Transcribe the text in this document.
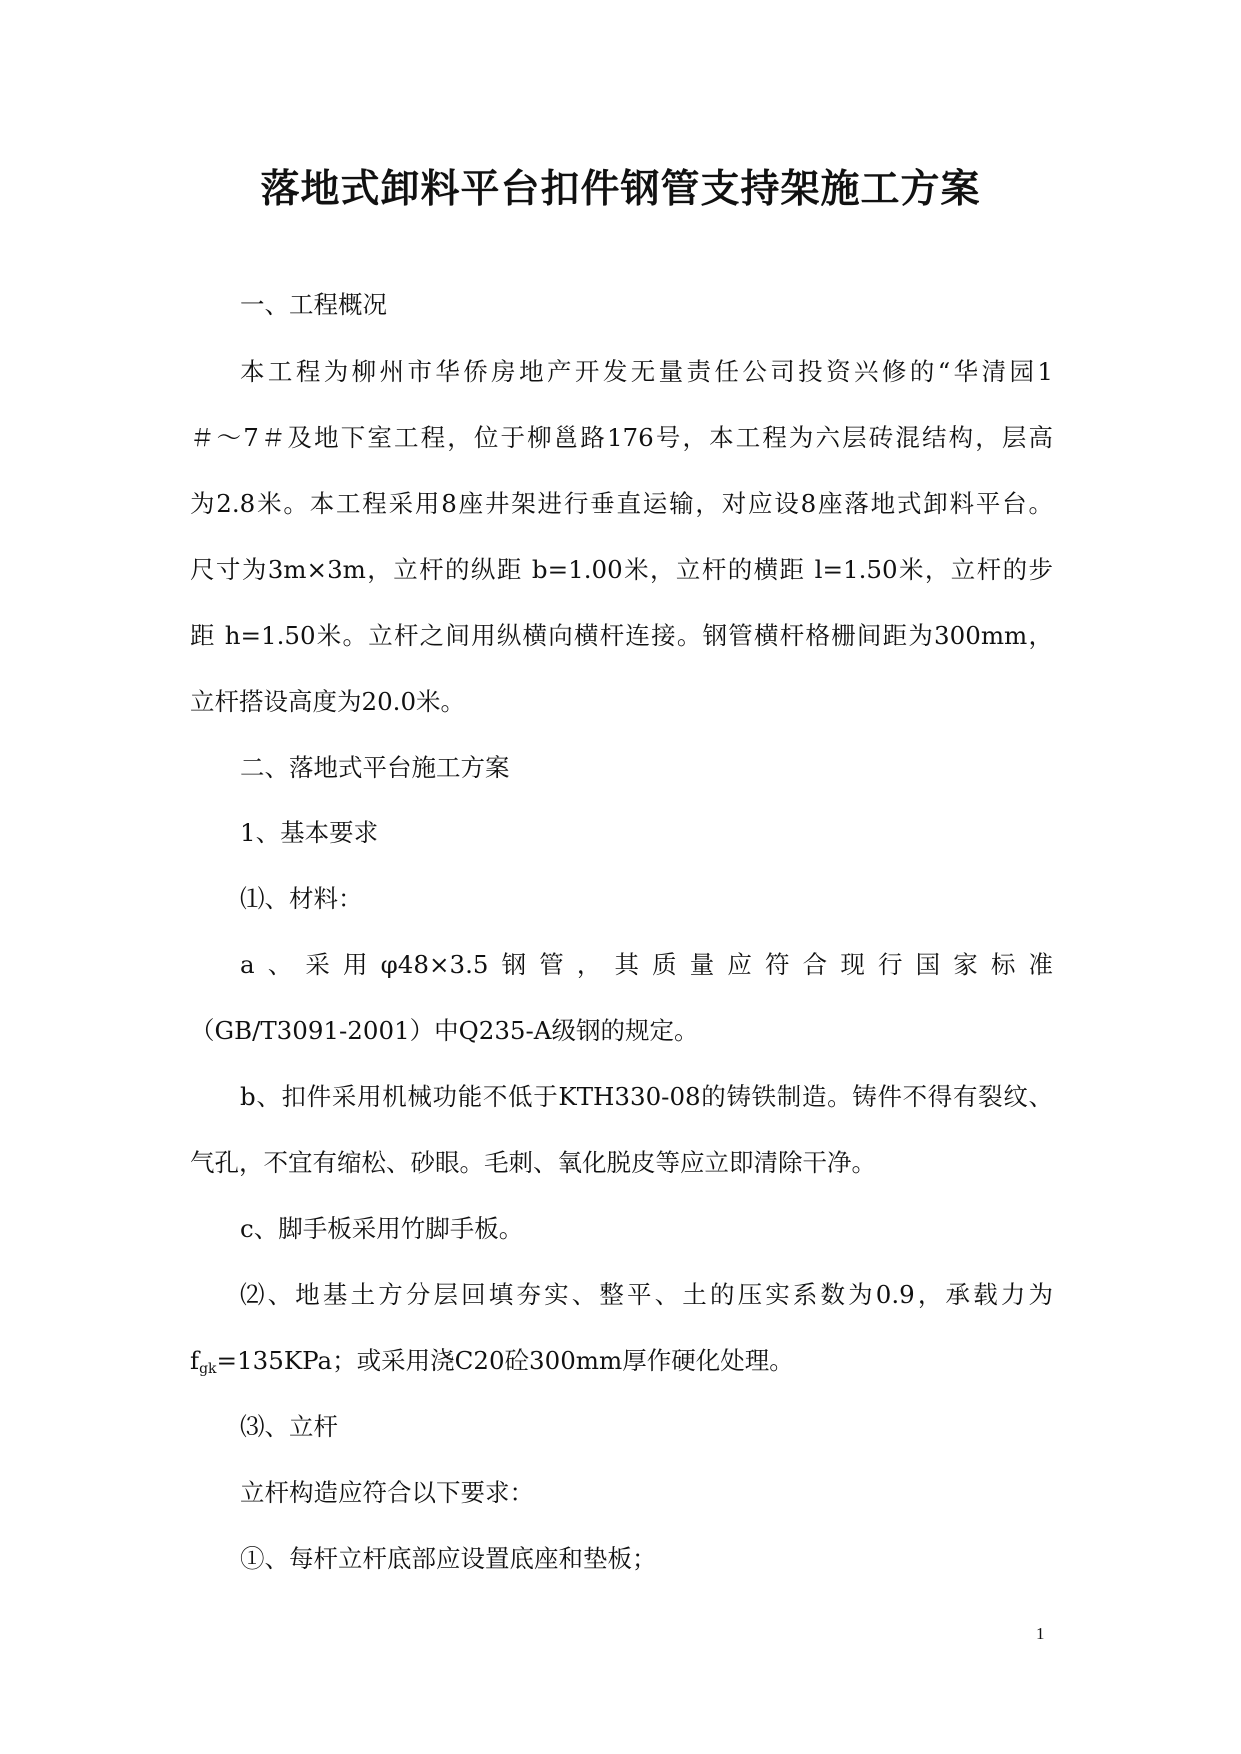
落地式卸料平台扣件钢管支持架施工方案
一、工程概况
本工程为柳州市华侨房地产开发无量责任公司投资兴修的“华清园1
＃～7＃及地下室工程，位于柳邕路176号，本工程为六层砖混结构，层高
为2.8米。本工程采用8座井架进行垂直运输，对应设8座落地式卸料平台。
尺寸为3m×3m，立杆的纵距 b=1.00米，立杆的横距 l=1.50米，立杆的步
距 h=1.50米。立杆之间用纵横向横杆连接。钢管横杆格栅间距为300mm，
立杆搭设高度为20.0米。
二、落地式平台施工方案
1、基本要求
⑴、材料：
a、采用φ48×3.5钢管，其质量应符合现行国家标准
（GB/T3091-2001）中Q235-A级钢的规定。
b、扣件采用机械功能不低于KTH330-08的铸铁制造。铸件不得有裂纹、
气孔，不宜有缩松、砂眼。毛刺、氧化脱皮等应立即清除干净。
c、脚手板采用竹脚手板。
⑵、地基土方分层回填夯实、整平、土的压实系数为0.9，承载力为
$f_{gk}=135KPa$；或采用浇C20砼300mm厚作硬化处理。
⑶、立杆
立杆构造应符合以下要求：
①、每杆立杆底部应设置底座和垫板；
1
